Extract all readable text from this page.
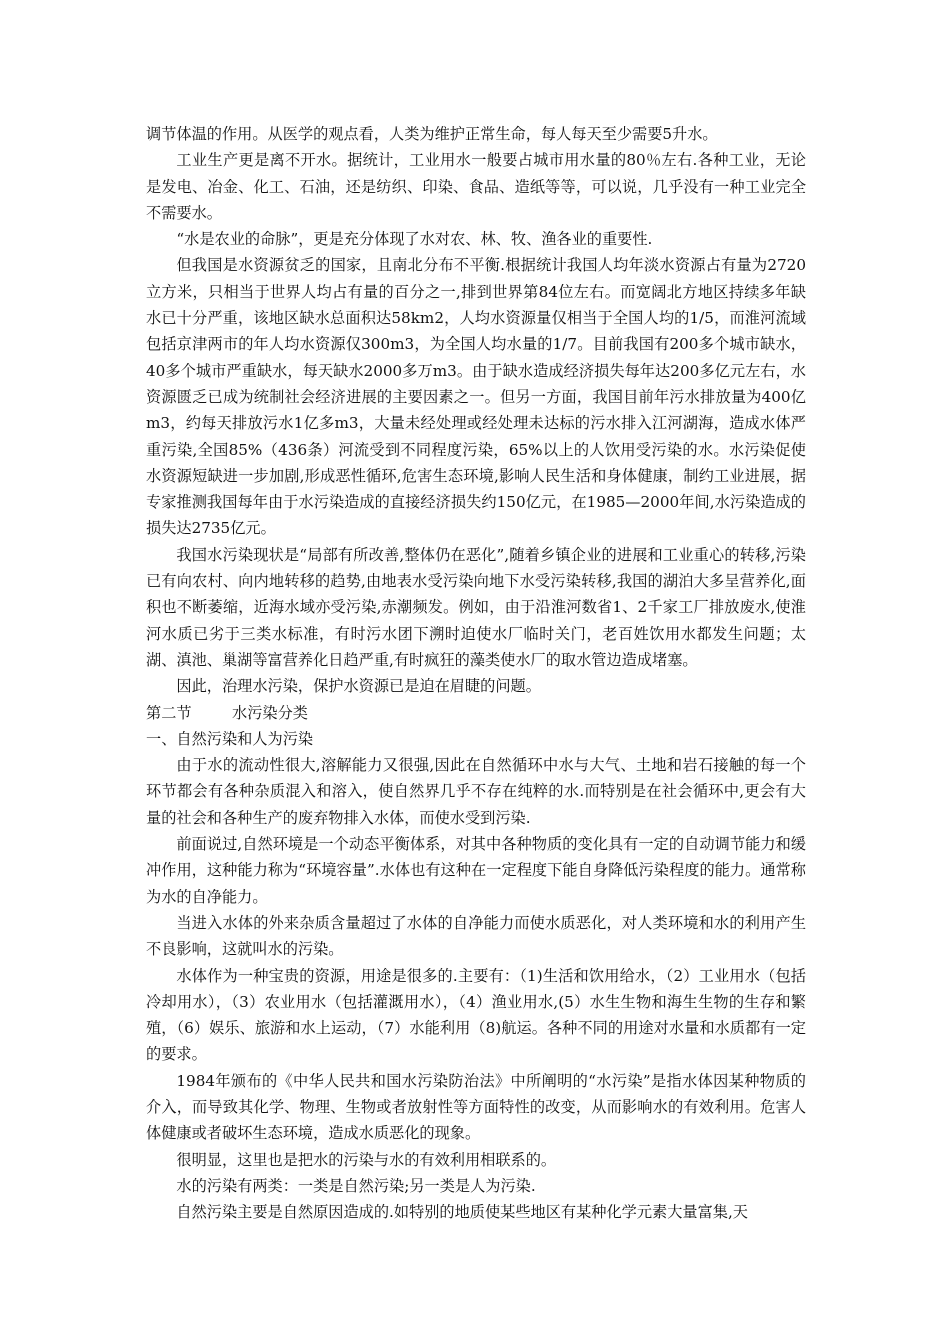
调节体温的作用。从医学的观点看，人类为维护正常生命，每人每天至少需要5升水。

工业生产更是离不开水。据统计，工业用水一般要占城市用水量的80％左右.各种工业，无论是发电、冶金、化工、石油，还是纺织、印染、食品、造纸等等，可以说，几乎没有一种工业完全不需要水。

“水是农业的命脉”，更是充分体现了水对农、林、牧、渔各业的重要性.

但我国是水资源贫乏的国家，且南北分布不平衡.根据统计我国人均年淡水资源占有量为2720立方米，只相当于世界人均占有量的百分之一,排到世界第84位左右。而宽阔北方地区持续多年缺水已十分严重，该地区缺水总面积达58km2，人均水资源量仅相当于全国人均的1/5，而淮河流域包括京津两市的年人均水资源仅300m3，为全国人均水量的1/7。目前我国有200多个城市缺水，40多个城市严重缺水，每天缺水2000多万m3。由于缺水造成经济损失每年达200多亿元左右，水资源匮乏已成为统制社会经济进展的主要因素之一。但另一方面，我国目前年污水排放量为400亿m3，约每天排放污水1亿多m3，大量未经处理或经处理未达标的污水排入江河湖海，造成水体严重污染,全国85%（436条）河流受到不同程度污染，65%以上的人饮用受污染的水。水污染促使水资源短缺进一步加剧,形成恶性循环,危害生态环境,影响人民生活和身体健康，制约工业进展，据专家推测我国每年由于水污染造成的直接经济损失约150亿元，在1985—2000年间,水污染造成的损失达2735亿元。

我国水污染现状是“局部有所改善,整体仍在恶化”,随着乡镇企业的进展和工业重心的转移,污染已有向农村、向内地转移的趋势,由地表水受污染向地下水受污染转移,我国的湖泊大多呈营养化,面积也不断萎缩，近海水域亦受污染,赤潮频发。例如，由于沿淮河数省1、2千家工厂排放废水,使淮河水质已劣于三类水标准，有时污水团下溯时迫使水厂临时关门，老百姓饮用水都发生问题；太湖、滇池、巢湖等富营养化日趋严重,有时疯狂的藻类使水厂的取水管边造成堵塞。

因此，治理水污染，保护水资源已是迫在眉睫的问题。

第二节	水污染分类

一、自然污染和人为污染

由于水的流动性很大,溶解能力又很强,因此在自然循环中水与大气、土地和岩石接触的每一个环节都会有各种杂质混入和溶入，使自然界几乎不存在纯粹的水.而特别是在社会循环中,更会有大量的社会和各种生产的废弃物排入水体，而使水受到污染.

前面说过,自然环境是一个动态平衡体系，对其中各种物质的变化具有一定的自动调节能力和缓冲作用，这种能力称为“环境容量”.水体也有这种在一定程度下能自身降低污染程度的能力。通常称为水的自净能力。

当进入水体的外来杂质含量超过了水体的自净能力而使水质恶化，对人类环境和水的利用产生不良影响，这就叫水的污染。

水体作为一种宝贵的资源，用途是很多的.主要有：（1)生活和饮用给水，（2）工业用水（包括冷却用水），（3）农业用水（包括灌溉用水），（4）渔业用水,(5）水生生物和海生生物的生存和繁殖，（6）娱乐、旅游和水上运动，（7）水能利用（8)航运。各种不同的用途对水量和水质都有一定的要求。

1984年颁布的《中华人民共和国水污染防治法》中所阐明的“水污染”是指水体因某种物质的介入，而导致其化学、物理、生物或者放射性等方面特性的改变，从而影响水的有效利用。危害人体健康或者破坏生态环境，造成水质恶化的现象。

很明显，这里也是把水的污染与水的有效利用相联系的。

水的污染有两类：一类是自然污染;另一类是人为污染.

自然污染主要是自然原因造成的.如特别的地质使某些地区有某种化学元素大量富集,天
